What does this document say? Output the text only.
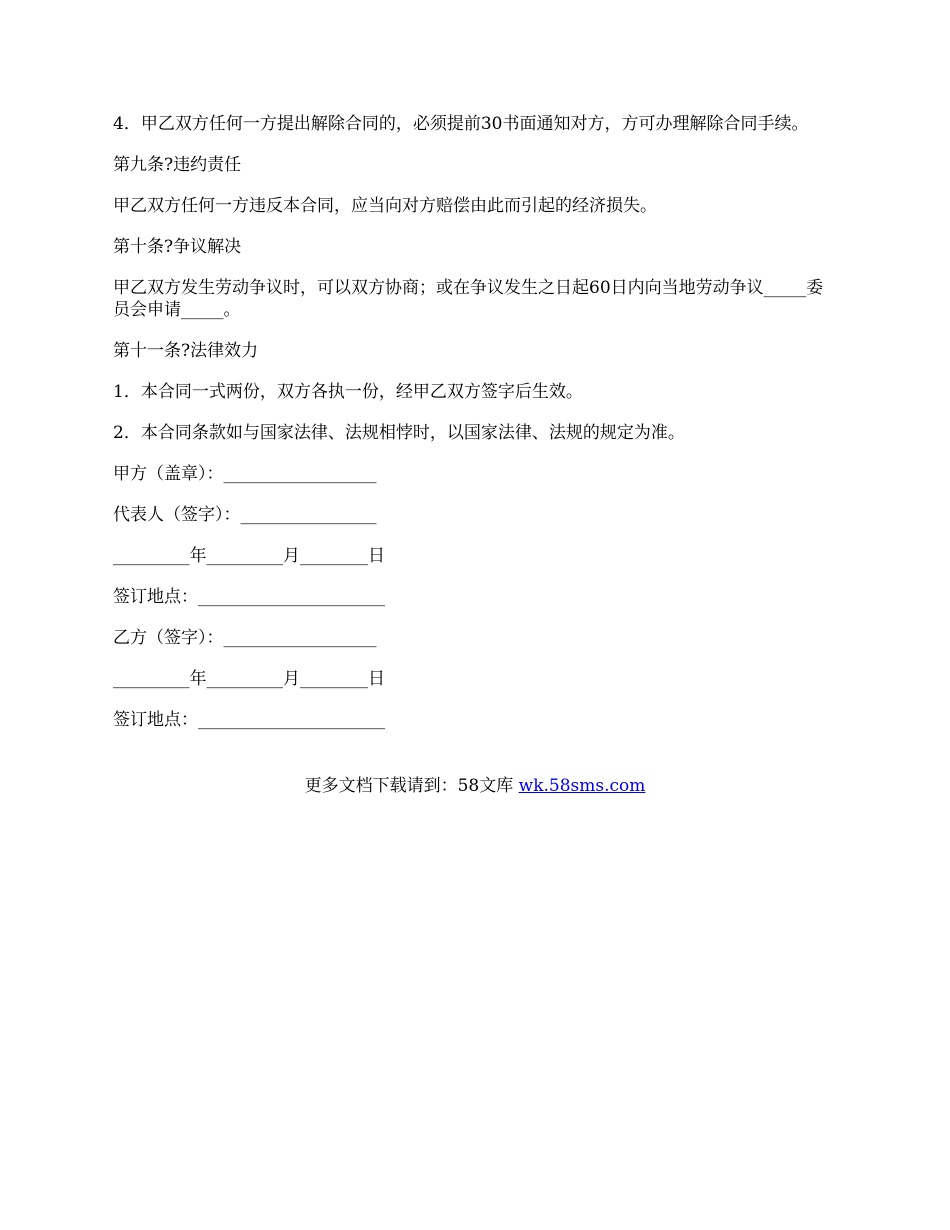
4．甲乙双方任何一方提出解除合同的，必须提前30书面通知对方，方可办理解除合同手续。

第九条?违约责任

甲乙双方任何一方违反本合同，应当向对方赔偿由此而引起的经济损失。

第十条?争议解决

甲乙双方发生劳动争议时，可以双方协商；或在争议发生之日起60日内向当地劳动争议_____委员会申请_____。

第十一条?法律效力

1．本合同一式两份，双方各执一份，经甲乙双方签字后生效。

2．本合同条款如与国家法律、法规相悖时，以国家法律、法规的规定为准。

甲方（盖章）：__________________

代表人（签字）：________________

_________年_________月________日

签订地点：______________________

乙方（签字）：__________________

_________年_________月________日

签订地点：______________________

更多文档下载请到：58文库 wk.58sms.com
